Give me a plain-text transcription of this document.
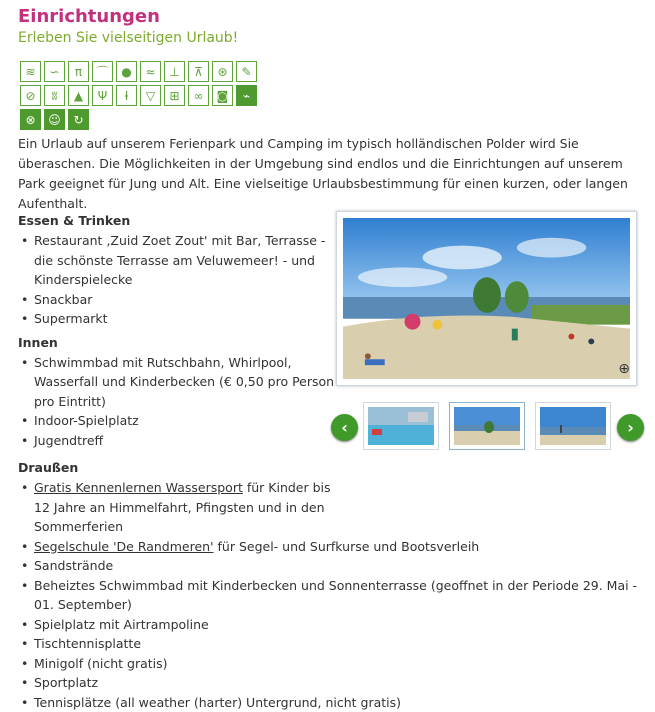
Einrichtungen
Erleben Sie vielseitigen Urlaub!
≋	∽	π	⌒	●	≈	⊥	⊼	⊛	✎
⊘	ʬ	▲	Ψ	Ɨ	▽	⊞	∞	◙	⌁
⊗	☺	↻

Ein Urlaub auf unserem Ferienpark und Camping im typisch holländischen Polder wird Sie überaschen. Die Möglichkeiten in der Umgebung sind endlos und die Einrichtungen auf unserem Park geeignet für Jung und Alt. Eine vielseitige Urlaubsbestimmung für einen kurzen, oder langen Aufenthalt.

Essen & Trinken
• Restaurant ‚Zuid Zoet Zout' mit Bar, Terrasse - die schönste Terrasse am Veluwemeer! - und Kinderspielecke
• Snackbar
• Supermarkt
Innen
• Schwimmbad mit Rutschbahn, Whirlpool, Wasserfall und Kinderbecken (€ 0,50 pro Person pro Eintritt)
• Indoor-Spielplatz
• Jugendtreff
Draußen
• Gratis Kennenlernen Wassersport für Kinder bis 12 Jahre an Himmelfahrt, Pfingsten und in den Sommerferien
• Segelschule 'De Randmeren' für Segel- und Surfkurse und Bootsverleih
• Sandstrände
• Beheiztes Schwimmbad mit Kinderbecken und Sonnenterrasse (geoffnet in der Periode 29. Mai - 01. September)
• Spielplatz mit Airtrampoline
• Tischtennisplatte
• Minigolf (nicht gratis)
• Sportplatz
• Tennisplätze (all weather (harter) Untergrund, nicht gratis)
⊕
‹	›
